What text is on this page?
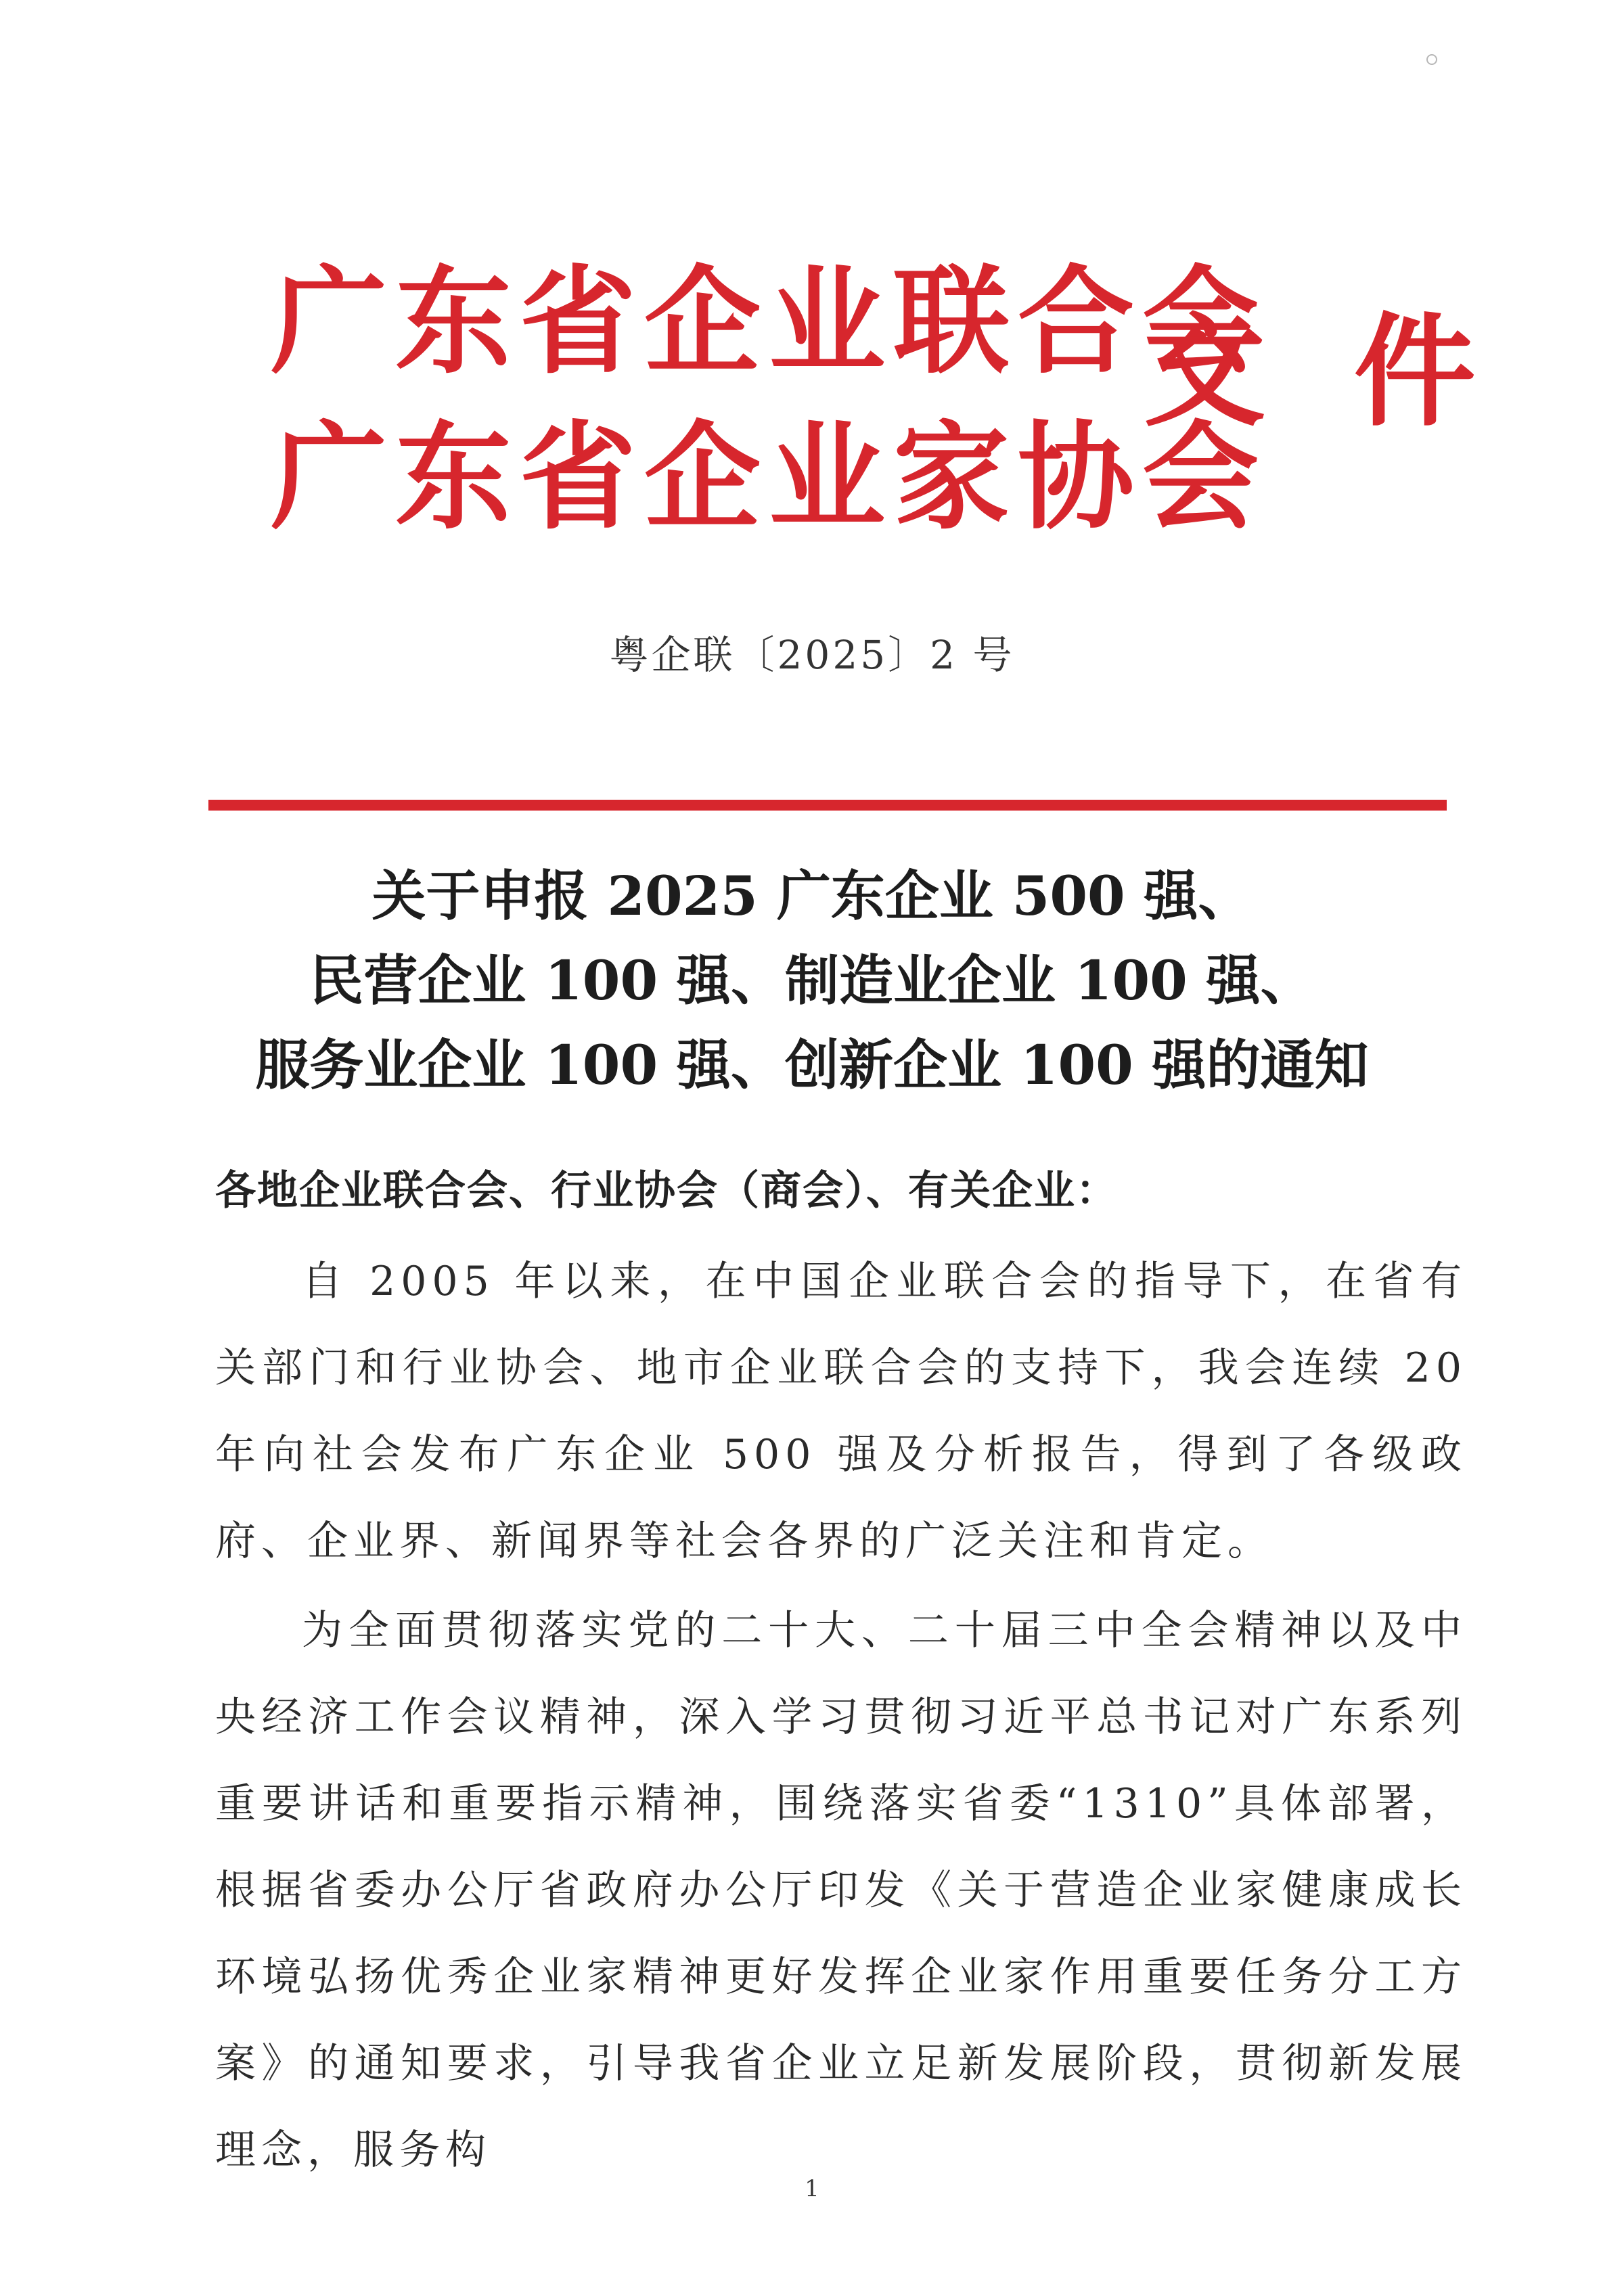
广东省企业联合会
广东省企业家协会
文 件
粤企联〔2025〕2 号
关于申报 2025 广东企业 500 强、
民营企业 100 强、制造业企业 100 强、
服务业企业 100 强、创新企业 100 强的通知
各地企业联合会、行业协会（商会）、有关企业：

自 2005 年以来，在中国企业联合会的指导下，在省有关部门和行业协会、地市企业联合会的支持下，我会连续 20 年向社会发布广东企业 500 强及分析报告，得到了各级政府、企业界、新闻界等社会各界的广泛关注和肯定。

为全面贯彻落实党的二十大、二十届三中全会精神以及中央经济工作会议精神，深入学习贯彻习近平总书记对广东系列重要讲话和重要指示精神，围绕落实省委“1310”具体部署，根据省委办公厅省政府办公厅印发《关于营造企业家健康成长环境弘扬优秀企业家精神更好发挥企业家作用重要任务分工方案》的通知要求，引导我省企业立足新发展阶段，贯彻新发展理念，服务构

1
